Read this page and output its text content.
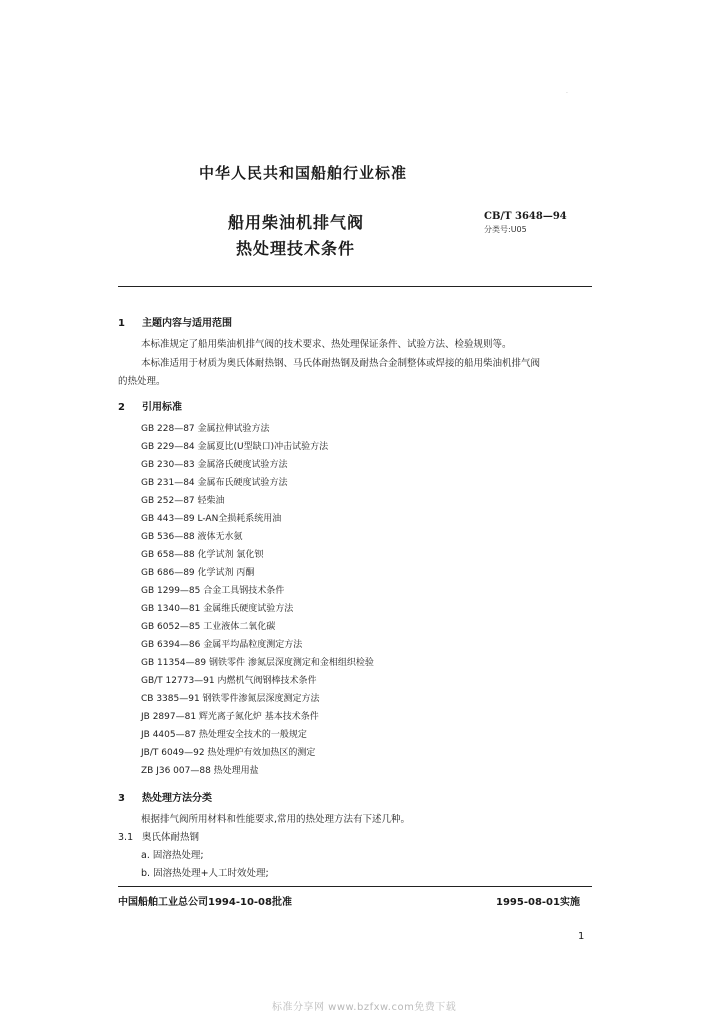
·
中华人民共和国船舶行业标准
船用柴油机排气阀
热处理技术条件
CB/T 3648—94
分类号:U05
1 主题内容与适用范围
本标准规定了船用柴油机排气阀的技术要求、热处理保证条件、试验方法、检验规则等。
本标准适用于材质为奥氏体耐热钢、马氏体耐热钢及耐热合金制整体或焊接的船用柴油机排气阀
的热处理。
2 引用标准
GB 228—87 金属拉伸试验方法
GB 229—84 金属夏比(U型缺口)冲击试验方法
GB 230—83 金属洛氏硬度试验方法
GB 231—84 金属布氏硬度试验方法
GB 252—87 轻柴油
GB 443—89 L-AN全损耗系统用油
GB 536—88 液体无水氨
GB 658—88 化学试剂 氯化钡
GB 686—89 化学试剂 丙酮
GB 1299—85 合金工具钢技术条件
GB 1340—81 金属维氏硬度试验方法
GB 6052—85 工业液体二氧化碳
GB 6394—86 金属平均晶粒度测定方法
GB 11354—89 钢铁零件 渗氮层深度测定和金相组织检验
GB/T 12773—91 内燃机气阀钢棒技术条件
CB 3385—91 钢铁零件渗氮层深度测定方法
JB 2897—81 辉光离子氮化炉 基本技术条件
JB 4405—87 热处理安全技术的一般规定
JB/T 6049—92 热处理炉有效加热区的测定
ZB J36 007—88 热处理用盐
3 热处理方法分类
根据排气阀所用材料和性能要求,常用的热处理方法有下述几种。
3.1 奥氏体耐热钢
a. 固溶热处理;
b. 固溶热处理+人工时效处理;
中国船舶工业总公司1994-10-08批准	1995-08-01实施
1
标准分享网 www.bzfxw.com免费下载
